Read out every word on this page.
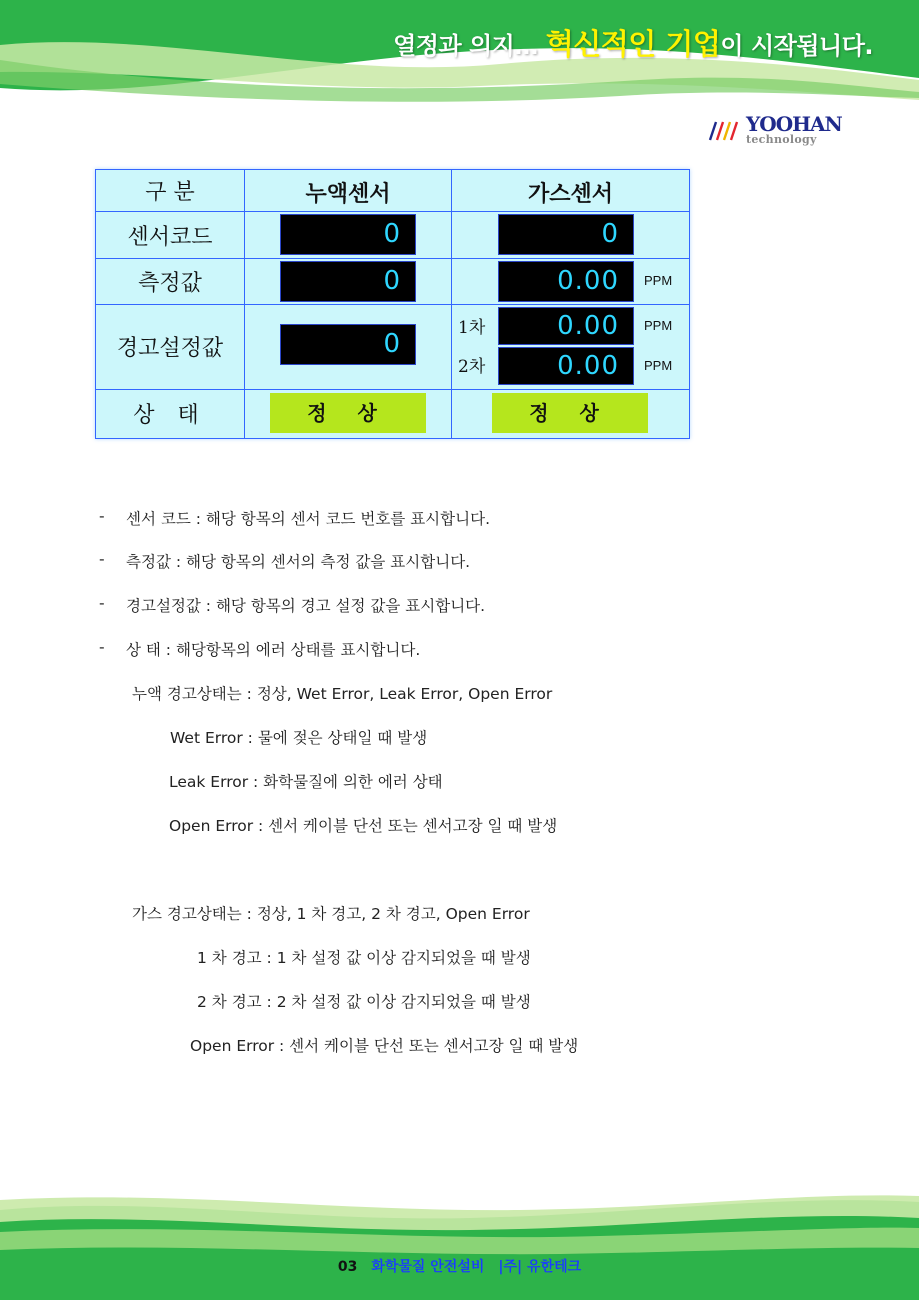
열정과 의지… 혁신적인 기업이 시작됩니다.
YOOHAN
technology
구 분	누액센서	가스센서
센서코드	0	0
측정값	0	0.00	PPM
경고설정값	0
1차	0.00	PPM
2차	0.00	PPM
상 태	정 상	정 상
- 센서 코드 : 해당 항목의 센서 코드 번호를 표시합니다.
- 측정값 : 해당 항목의 센서의 측정 값을 표시합니다.
- 경고설정값 : 해당 항목의 경고 설정 값을 표시합니다.
- 상 태 : 해당항목의 에러 상태를 표시합니다.
누액 경고상태는 : 정상, Wet Error, Leak Error, Open Error
Wet Error : 물에 젖은 상태일 때 발생
Leak Error : 화학물질에 의한 에러 상태
Open Error : 센서 케이블 단선 또는 센서고장 일 때 발생
가스 경고상태는 : 정상, 1 차 경고, 2 차 경고, Open Error
1 차 경고 : 1 차 설정 값 이상 감지되었을 때 발생
2 차 경고 : 2 차 설정 값 이상 감지되었을 때 발생
Open Error : 센서 케이블 단선 또는 센서고장 일 때 발생
03 화학물질 안전설비 |주| 유한테크
